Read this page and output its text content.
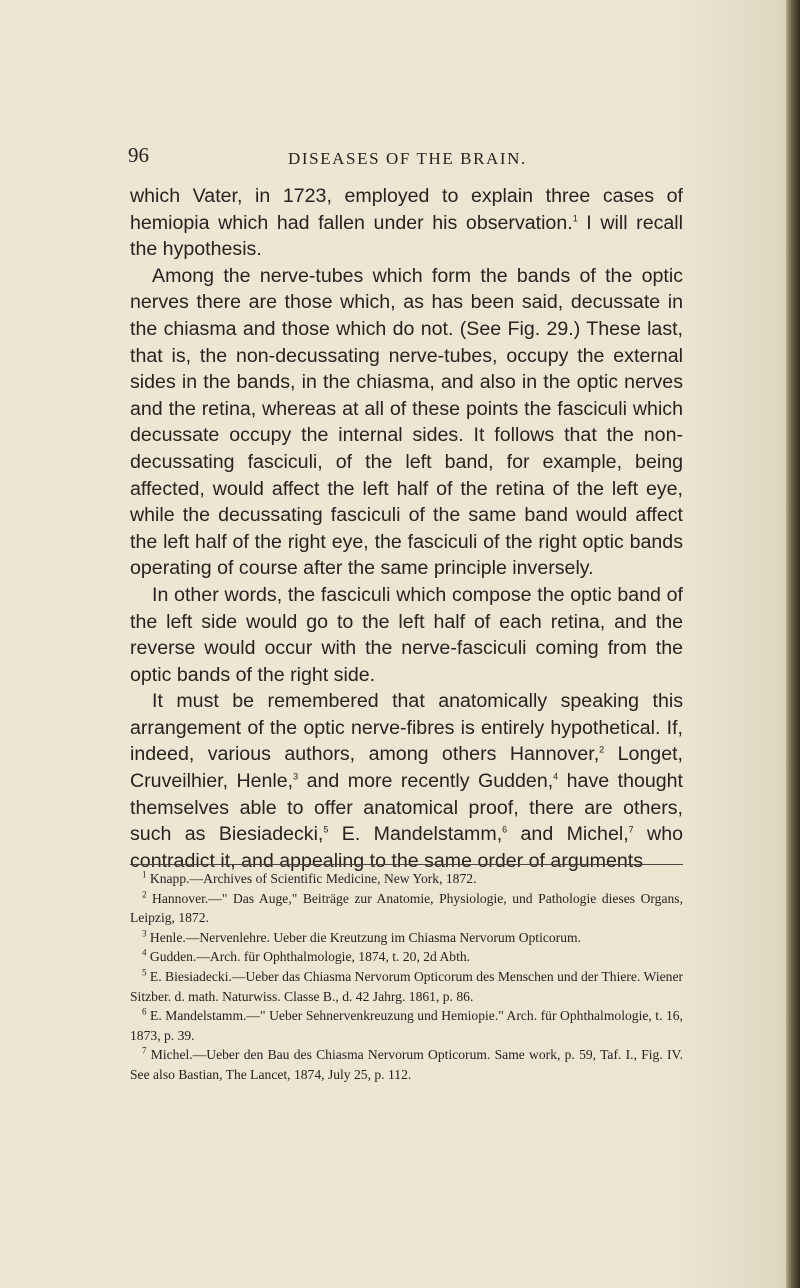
96	DISEASES OF THE BRAIN.

which Vater, in 1723, employed to explain three cases of hemiopia which had fallen under his observation.$^1$ I will recall the hypothesis.

Among the nerve-tubes which form the bands of the optic nerves there are those which, as has been said, decussate in the chiasma and those which do not. (See Fig. 29.) These last, that is, the non-decussating nerve-tubes, occupy the external sides in the bands, in the chiasma, and also in the optic nerves and the retina, whereas at all of these points the fasciculi which decussate occupy the internal sides. It follows that the non-decussating fasciculi, of the left band, for example, being affected, would affect the left half of the retina of the left eye, while the decussating fasciculi of the same band would affect the left half of the right eye, the fasciculi of the right optic bands operating of course after the same principle inversely.

In other words, the fasciculi which compose the optic band of the left side would go to the left half of each retina, and the reverse would occur with the nerve-fasciculi coming from the optic bands of the right side.

It must be remembered that anatomically speaking this arrangement of the optic nerve-fibres is entirely hypothetical. If, indeed, various authors, among others Hannover,$^2$ Longet, Cruveilhier, Henle,$^3$ and more recently Gudden,$^4$ have thought themselves able to offer anatomical proof, there are others, such as Biesiadecki,$^5$ E. Mandelstamm,$^6$ and Michel,$^7$ who contradict it, and appealing to the same order of arguments

$^1$ Knapp.—Archives of Scientific Medicine, New York, 1872.

$^2$ Hannover.—" Das Auge," Beiträge zur Anatomie, Physiologie, und Pathologie dieses Organs, Leipzig, 1872.

$^3$ Henle.—Nervenlehre. Ueber die Kreutzung im Chiasma Nervorum Opticorum.

$^4$ Gudden.—Arch. für Ophthalmologie, 1874, t. 20, 2d Abth.

$^5$ E. Biesiadecki.—Ueber das Chiasma Nervorum Opticorum des Menschen und der Thiere. Wiener Sitzber. d. math. Naturwiss. Classe B., d. 42 Jahrg. 1861, p. 86.

$^6$ E. Mandelstamm.—" Ueber Sehnervenkreuzung und Hemiopie." Arch. für Ophthalmologie, t. 16, 1873, p. 39.

$^7$ Michel.—Ueber den Bau des Chiasma Nervorum Opticorum. Same work, p. 59, Taf. I., Fig. IV. See also Bastian, The Lancet, 1874, July 25, p. 112.
